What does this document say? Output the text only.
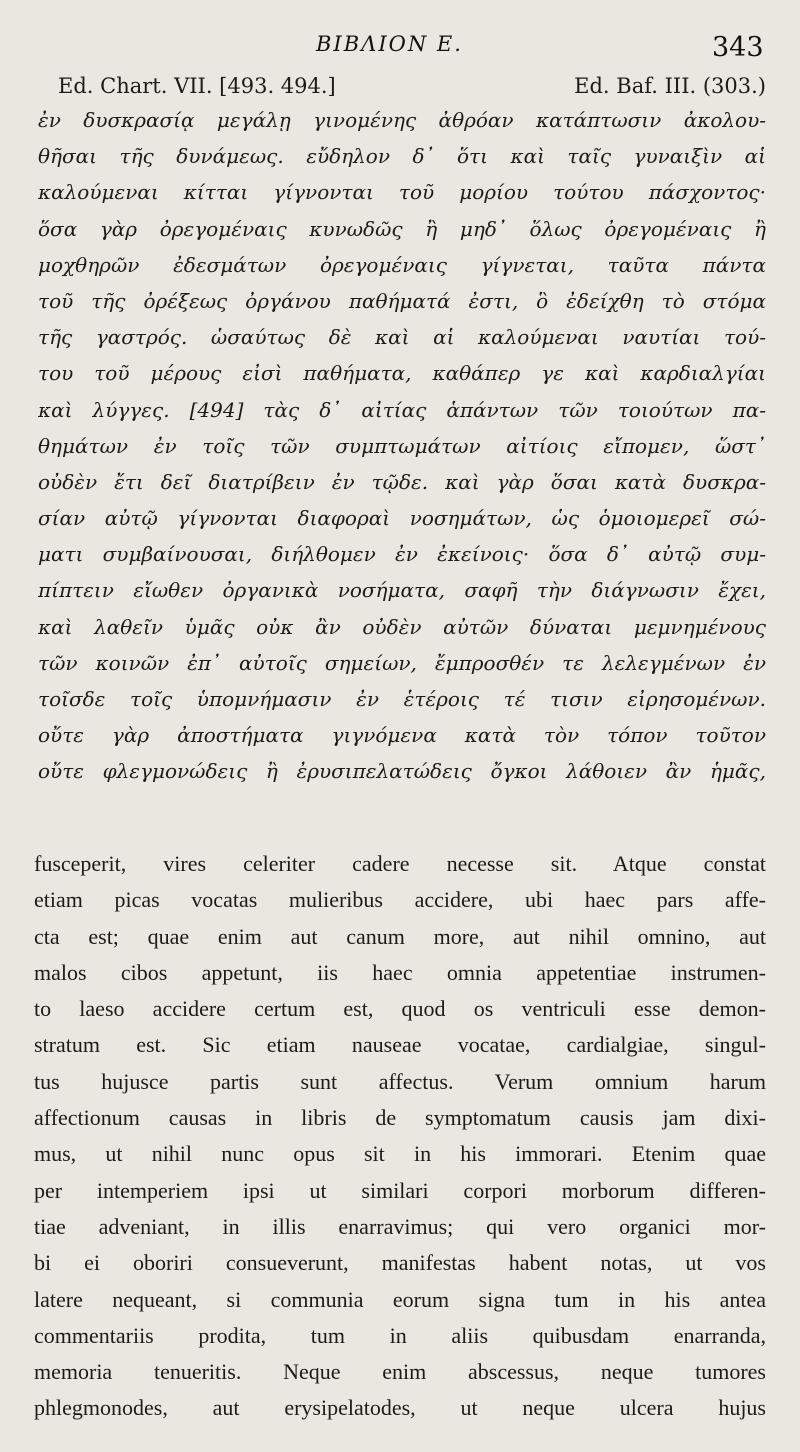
BIBΛΙΟΝ Ε.	343
Ed. Chart. VII. [493. 494.]	Ed. Baf. III. (303.)
ἐν δυσκρασίᾳ μεγάλῃ γινομένης ἀθρόαν κατάπτωσιν ἀκολου-
θῆσαι τῆς δυνάμεως. εὔδηλον δ᾽ ὅτι καὶ ταῖς γυναιξὶν αἱ
καλούμεναι κίτται γίγνονται τοῦ μορίου τούτου πάσχοντος·
ὅσα γὰρ ὀρεγομέναις κυνωδῶς ἢ μηδ᾽ ὅλως ὀρεγομέναις ἢ
μοχθηρῶν ἐδεσμάτων ὀρεγομέναις γίγνεται, ταῦτα πάντα
τοῦ τῆς ὀρέξεως ὀργάνου παθήματά ἐστι, ὃ ἐδείχθη τὸ στόμα
τῆς γαστρός. ὡσαύτως δὲ καὶ αἱ καλούμεναι ναυτίαι τού-
του τοῦ μέρους εἰσὶ παθήματα, καθάπερ γε καὶ καρδιαλγίαι
καὶ λύγγες. [494] τὰς δ᾽ αἰτίας ἁπάντων τῶν τοιούτων πα-
θημάτων ἐν τοῖς τῶν συμπτωμάτων αἰτίοις εἴπομεν, ὥστ᾽
οὐδὲν ἔτι δεῖ διατρίβειν ἐν τῷδε. καὶ γὰρ ὅσαι κατὰ δυσκρα-
σίαν αὐτῷ γίγνονται διαφοραὶ νοσημάτων, ὡς ὁμοιομερεῖ σώ-
ματι συμβαίνουσαι, διήλθομεν ἐν ἐκείνοις· ὅσα δ᾽ αὐτῷ συμ-
πίπτειν εἴωθεν ὀργανικὰ νοσήματα, σαφῆ τὴν διάγνωσιν ἔχει,
καὶ λαθεῖν ὑμᾶς οὐκ ἂν οὐδὲν αὐτῶν δύναται μεμνημένους
τῶν κοινῶν ἐπ᾽ αὐτοῖς σημείων, ἔμπροσθέν τε λελεγμένων ἐν
τοῖσδε τοῖς ὑπομνήμασιν ἐν ἑτέροις τέ τισιν εἰρησομένων.
οὔτε γὰρ ἀποστήματα γιγνόμενα κατὰ τὸν τόπον τοῦτον
οὔτε φλεγμονώδεις ἢ ἐρυσιπελατώδεις ὄγκοι λάθοιεν ἂν ἡμᾶς,
fusceperit, vires celeriter cadere necesse sit. Atque constat
etiam picas vocatas mulieribus accidere, ubi haec pars affe-
cta est; quae enim aut canum more, aut nihil omnino, aut
malos cibos appetunt, iis haec omnia appetentiae instrumen-
to laeso accidere certum est, quod os ventriculi esse demon-
stratum est. Sic etiam nauseae vocatae, cardialgiae, singul-
tus hujusce partis sunt affectus. Verum omnium harum
affectionum causas in libris de symptomatum causis jam dixi-
mus, ut nihil nunc opus sit in his immorari. Etenim quae
per intemperiem ipsi ut similari corpori morborum differen-
tiae adveniant, in illis enarravimus; qui vero organici mor-
bi ei oboriri consueverunt, manifestas habent notas, ut vos
latere nequeant, si communia eorum signa tum in his antea
commentariis prodita, tum in aliis quibusdam enarranda,
memoria tenueritis. Neque enim abscessus, neque tumores
phlegmonodes, aut erysipelatodes, ut neque ulcera hujus
